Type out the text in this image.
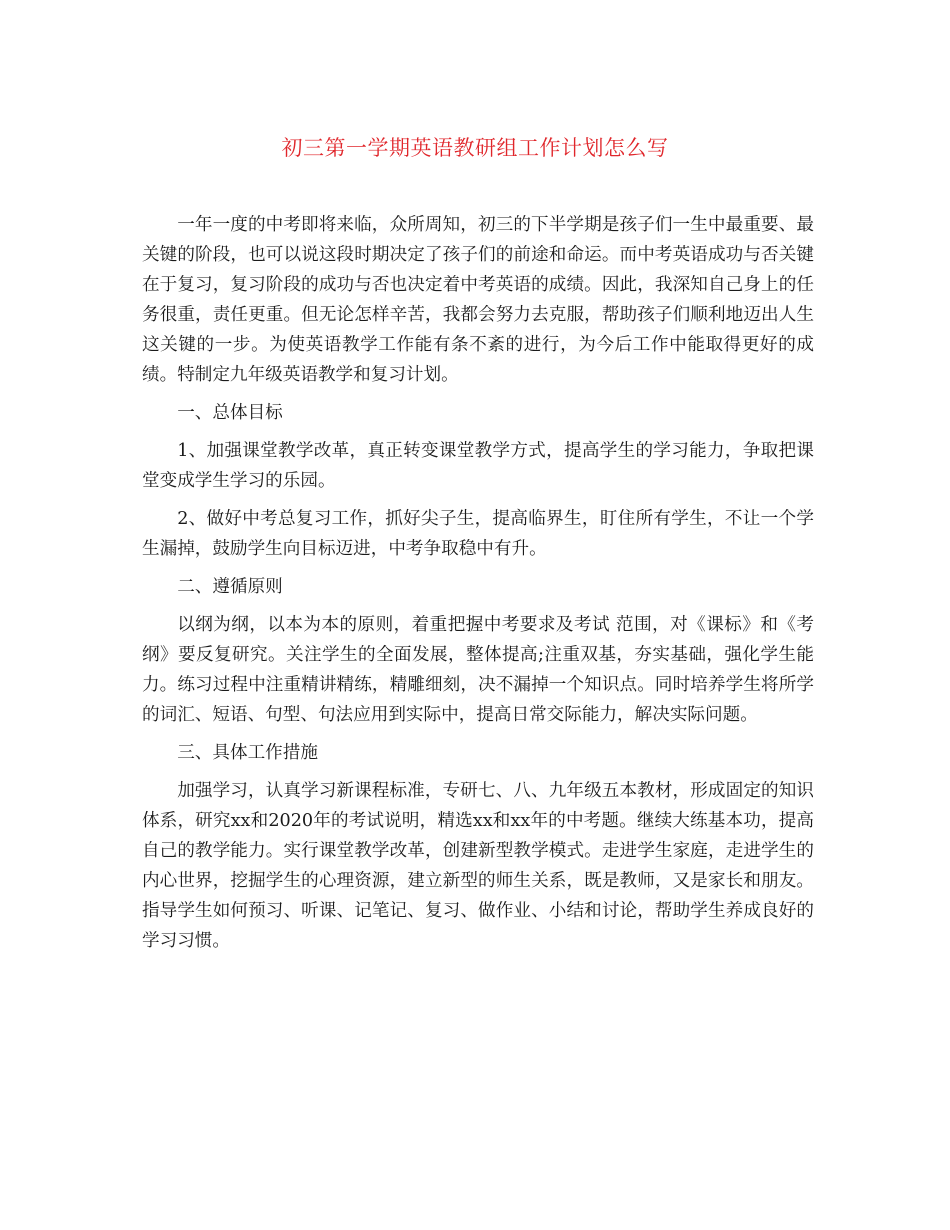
初三第一学期英语教研组工作计划怎么写

一年一度的中考即将来临，众所周知，初三的下半学期是孩子们一生中最重要、最关键的阶段，也可以说这段时期决定了孩子们的前途和命运。而中考英语成功与否关键在于复习，复习阶段的成功与否也决定着中考英语的成绩。因此，我深知自己身上的任务很重，责任更重。但无论怎样辛苦，我都会努力去克服，帮助孩子们顺利地迈出人生这关键的一步。为使英语教学工作能有条不紊的进行，为今后工作中能取得更好的成绩。特制定九年级英语教学和复习计划。

一、总体目标

1、加强课堂教学改革，真正转变课堂教学方式，提高学生的学习能力，争取把课堂变成学生学习的乐园。

2、做好中考总复习工作，抓好尖子生，提高临界生，盯住所有学生，不让一个学生漏掉，鼓励学生向目标迈进，中考争取稳中有升。

二、遵循原则

以纲为纲，以本为本的原则，着重把握中考要求及考试 范围，对《课标》和《考纲》要反复研究。关注学生的全面发展，整体提高;注重双基，夯实基础，强化学生能力。练习过程中注重精讲精练，精雕细刻，决不漏掉一个知识点。同时培养学生将所学的词汇、短语、句型、句法应用到实际中，提高日常交际能力，解决实际问题。

三、具体工作措施

加强学习，认真学习新课程标准，专研七、八、九年级五本教材，形成固定的知识体系，研究xx和2020年的考试说明，精选xx和xx年的中考题。继续大练基本功，提高自己的教学能力。实行课堂教学改革，创建新型教学模式。走进学生家庭，走进学生的内心世界，挖掘学生的心理资源，建立新型的师生关系，既是教师，又是家长和朋友。指导学生如何预习、听课、记笔记、复习、做作业、小结和讨论，帮助学生养成良好的学习习惯。
